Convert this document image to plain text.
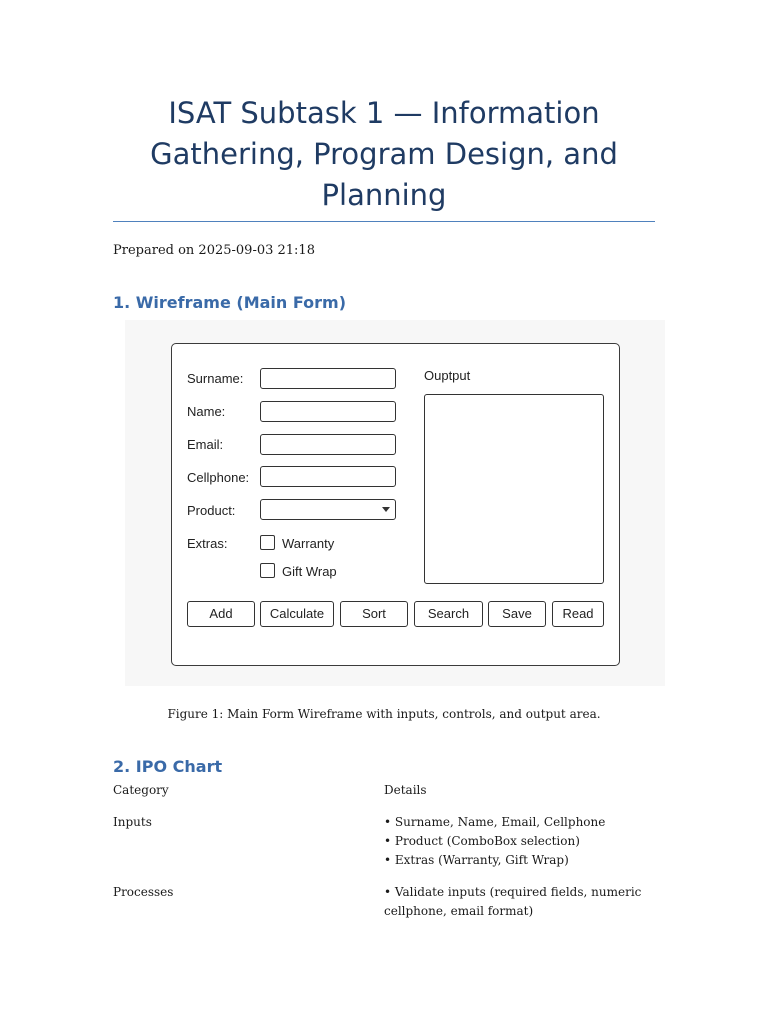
ISAT Subtask 1 — Information Gathering, Program Design, and Planning
Prepared on 2025-09-03 21:18
1. Wireframe (Main Form)
Surname:
Name:
Email:
Cellphone:
Product:
Extras:	Warranty
Gift Wrap
Ouptput
Add	Calculate	Sort	Search	Save	Read
Figure 1: Main Form Wireframe with inputs, controls, and output area.
2. IPO Chart
Category	Details
Inputs	• Surname, Name, Email, Cellphone
• Product (ComboBox selection)
• Extras (Warranty, Gift Wrap)
Processes	• Validate inputs (required fields, numeric
cellphone, email format)
